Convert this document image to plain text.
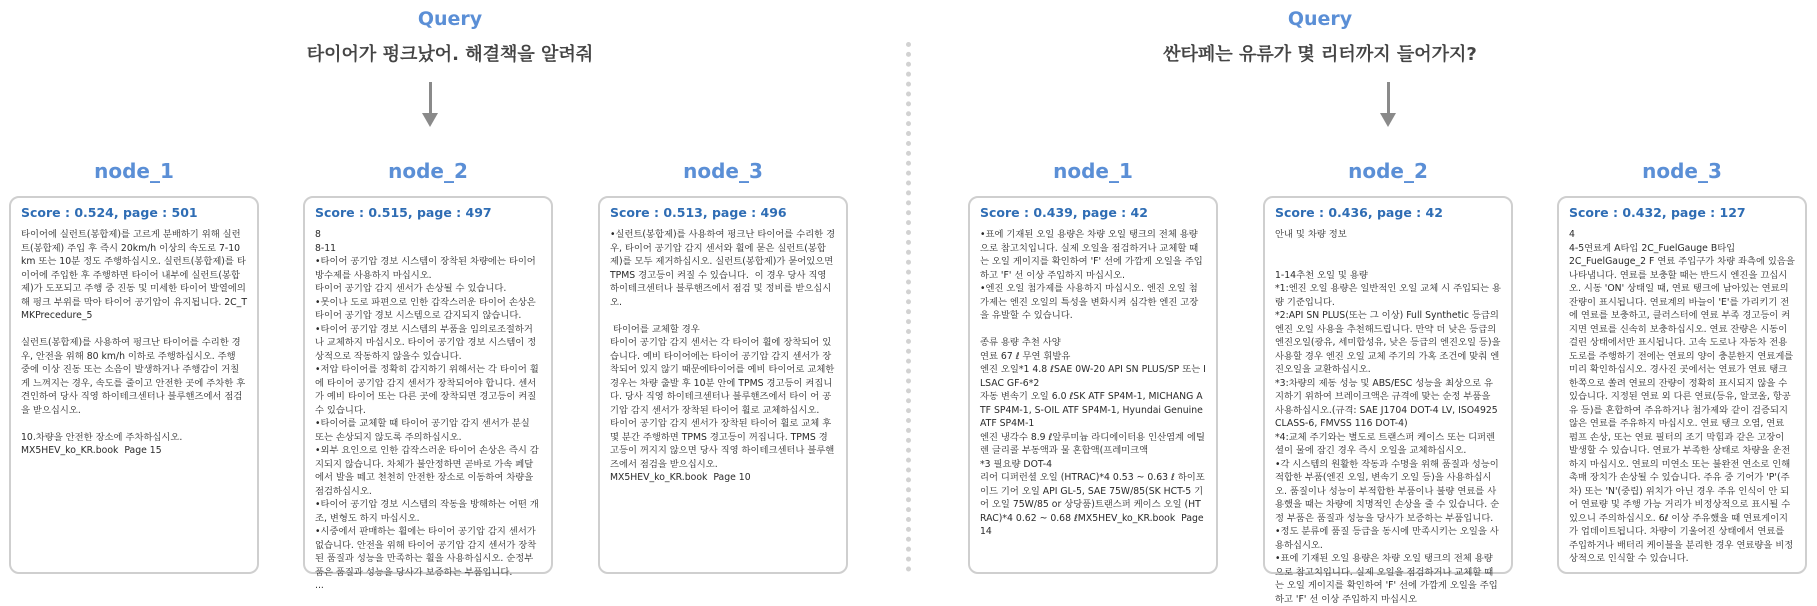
Query
타이어가 펑크났어. 해결책을 알려줘
node_1
Score : 0.524, page : 501
타이어에 실런트(봉합제)를 고르게 분배하기 위해 실런트(봉합제) 주입 후 즉시 20km/h 이상의 속도로 7-10 km 또는 10분 정도 주행하십시오. 실런트(봉합제)를 타이어에 주입한 후 주행하면 타이어 내부에 실런트(봉합제)가 도포되고 주행 중 진동 및 미세한 타이어 발열에의해 펑크 부위를 막아 타이어 공기압이 유지됩니다. 2C_TMKPrecedure_5

실런트(봉합제)를 사용하여 펑크난 타이어를 수리한 경우, 안전을 위해 80 km/h 이하로 주행하십시오. 주행 중에 이상 진동 또는 소음이 발생하거나 주행감이 거칠게 느껴지는 경우, 속도를 줄이고 안전한 곳에 주차한 후 견인하여 당사 직영 하이테크센터나 블루핸즈에서 점검을 받으십시오.

10.차량을 안전한 장소에 주차하십시오.
MX5HEV_ko_KR.book  Page 15
node_2
Score : 0.515, page : 497
8
8-11
•타이어 공기압 경보 시스템이 장착된 차량에는 타이어 방수제를 사용하지 마십시오.
타이어 공기압 감지 센서가 손상될 수 있습니다.
•못이나 도로 파편으로 인한 갑작스러운 타이어 손상은 타이어 공기압 경보 시스템으로 감지되지 않습니다.
•타이어 공기압 경보 시스템의 부품을 임의로조절하거나 교체하지 마십시오. 타이어 공기압 경보 시스템이 정상적으로 작동하지 않을수 있습니다.
•저압 타이어를 정확히 감지하기 위해서는 각 타이어 휠에 타이어 공기압 감지 센서가 장착되어야 합니다. 센서가 예비 타이어 또는 다른 곳에 장착되면 경고등이 켜질 수 있습니다.
•타이어를 교체할 때 타이어 공기압 감지 센서가 분실 또는 손상되지 않도록 주의하십시오.
•외부 요인으로 인한 갑작스러운 타이어 손상은 즉시 감지되지 않습니다. 차체가 불안정하면 곧바로 가속 페달에서 발을 떼고 천천히 안전한 장소로 이동하여 차량을 점검하십시오.
•타이어 공기압 경보 시스템의 작동을 방해하는 어떤 개조, 변형도 하지 마십시오.
•시중에서 판매하는 휠에는 타이어 공기압 감지 센서가 없습니다. 안전을 위해 타이어 공기압 감지 센서가 장착된 품질과 성능을 만족하는 휠을 사용하십시오. 순정부품은 품질과 성능을 당사가 보증하는 부품입니다.
...
node_3
Score : 0.513, page : 496
•실런트(봉합제)를 사용하여 펑크난 타이어를 수리한 경우, 타이어 공기압 감지 센서와 휠에 묻은 실런트(봉합제)를 모두 제거하십시오. 실런트(봉합제)가 묻어있으면 TPMS 경고등이 켜질 수 있습니다.  이 경우 당사 직영 하이테크센터나 블루핸즈에서 점검 및 정비를 받으십시오.

타이어를 교체할 경우
타이어 공기압 감지 센서는 각 타이어 휠에 장착되어 있습니다. 예비 타이어에는 타이어 공기압 감지 센서가 장착되어 있지 않기 때문에타이어를 예비 타이어로 교체한 경우는 차량 출발 후 10분 안에 TPMS 경고등이 켜집니다. 당사 직영 하이테크센터나 블루핸즈에서 타이 어 공기압 감지 센서가 장착된 타이어 휠로 교체하십시오.
타이어 공기압 감지 센서가 장착된 타이어 휠로 교체 후 몇 분간 주행하면 TPMS 경고등이 꺼집니다. TPMS 경고등이 꺼지지 않으면 당사 직영 하이테크센터나 블루핸즈에서 점검을 받으십시오.
MX5HEV_ko_KR.book  Page 10
Query
싼타페는 유류가 몇 리터까지 들어가지?
node_1
Score : 0.439, page : 42
•표에 기재된 오일 용량은 차량 오일 탱크의 전체 용량으로 참고치입니다. 실제 오일을 점검하거나 교체할 때는 오일 게이지를 확인하여 'F' 선에 가깝게 오일을 주입하고 'F' 선 이상 주입하지 마십시오.
•엔진 오일 첨가제를 사용하지 마십시오. 엔진 오일 첨가제는 엔진 오일의 특성을 변화시켜 심각한 엔진 고장을 유발할 수 있습니다.

종류 용량 추천 사양
연료 67 ℓ 무연 휘발유
엔진 오일*1 4.8 ℓSAE 0W-20 API SN PLUS/SP 또는 ILSAC GF-6*2
자동 변속기 오일 6.0 ℓSK ATF SP4M-1, MICHANG ATF SP4M-1, S-OIL ATF SP4M-1, Hyundai Genuine ATF SP4M-1
엔진 냉각수 8.9 ℓ알루미늄 라디에이터용 인산염계 에틸렌 글리콜 부동액과 물 혼합액(프레미크액
*3 필요량 DOT-4
리어 디퍼런셜 오일 (HTRAC)*4 0.53 ~ 0.63 ℓ 하이포이드 기어 오일 API GL-5, SAE 75W/85(SK HCT-5 기어 오일 75W/85 or 상당품)트랜스퍼 케이스 오일 (HTRAC)*4 0.62 ~ 0.68 ℓMX5HEV_ko_KR.book  Page 14
node_2
Score : 0.436, page : 42
안내 및 차량 정보

1-14추천 오일 및 용량
*1:엔진 오일 용량은 일반적인 오일 교체 시 주입되는 용량 기준입니다.
*2:API SN PLUS(또는 그 이상) Full Synthetic 등급의 엔진 오일 사용을 추천해드립니다. 만약 더 낮은 등급의 엔진오일(광유, 세미합성유, 낮은 등급의 엔진오일 등)을 사용할 경우 엔진 오일 교체 주기의 가혹 조건에 맞춰 엔진오일을 교환하십시오.
*3:차량의 제동 성능 및 ABS/ESC 성능을 최상으로 유지하기 위하여 브레이크액은 규격에 맞는 순정 부품을 사용하십시오.(규격: SAE J1704 DOT-4 LV, ISO4925 CLASS-6, FMVSS 116 DOT-4)
*4:교체 주기와는 별도로 트랜스퍼 케이스 또는 디퍼렌셜이 물에 잠긴 경우 즉시 오일을 교체하십시오.
•각 시스템의 원활한 작동과 수명을 위해 품질과 성능이 적합한 부품(엔진 오일, 변속기 오일 등)을 사용하십시오. 품질이나 성능이 부적합한 부품이나 불량 연료를 사용했을 때는 차량에 치명적인 손상을 줄 수 있습니다. 순정 부품은 품질과 성능을 당사가 보증하는 부품입니다.
•정도 분류에 품질 등급을 동시에 만족시키는 오일을 사용하십시오.
•표에 기재된 오일 용량은 차량 오일 탱크의 전체 용량으로 참고치입니다. 실제 오일을 점검하거나 교체할 때는 오일 게이지를 확인하여 'F' 선에 가깝게 오일을 주입하고 'F' 선 이상 주입하지 마십시오
node_3
Score : 0.432, page : 127
4
4-5연료게 A타입 2C_FuelGauge B타입
2C_FuelGauge_2 F 연료 주입구가 차량 좌측에 있음을 나타냅니다. 연료를 보충할 때는 반드시 엔진을 끄십시오. 시동 'ON' 상태일 때, 연료 탱크에 남아있는 연료의 잔량이 표시됩니다. 연료계의 바늘이 'E'를 가리키기 전에 연료를 보충하고, 클러스터에 연료 부족 경고등이 켜지면 연료를 신속히 보충하십시오. 연료 잔량은 시동이 걸린 상태에서만 표시됩니다. 고속 도로나 자동차 전용도로를 주행하기 전에는 연료의 양이 충분한지 연료게를 미리 확인하십시오. 경사진 곳에서는 연료가 연료 탱크 한쪽으로 쏠려 연료의 잔량이 정확히 표시되지 않을 수 있습니다. 지정된 연료 외 다른 연료(등유, 알코올, 항공유 등)를 혼합하여 주유하거나 첨가제와 같이 검증되지 않은 연료를 주유하지 마십시오. 연료 탱크 오염, 연료 펌프 손상, 또는 연료 필터의 조기 막힘과 같은 고장이 발생할 수 있습니다. 연료가 부족한 상태로 차량을 운전하지 마십시오. 연료의 미연소 또는 불완전 연소로 인해 촉매 장치가 손상될 수 있습니다. 주유 중 기어가 'P'(주차) 또는 'N'(중립) 위치가 아닌 경우 주유 인식이 안 되어 연료량 및 주행 가능 거리가 비정상적으로 표시될 수 있으니 주의하십시오. 6ℓ 이상 주유했을 때 연료게이지가 업데이트됩니다. 차량이 기울어진 상태에서 연료를 주입하거나 배터리 케이블을 분리한 경우 연료량을 비정상적으로 인식할 수 있습니다.
